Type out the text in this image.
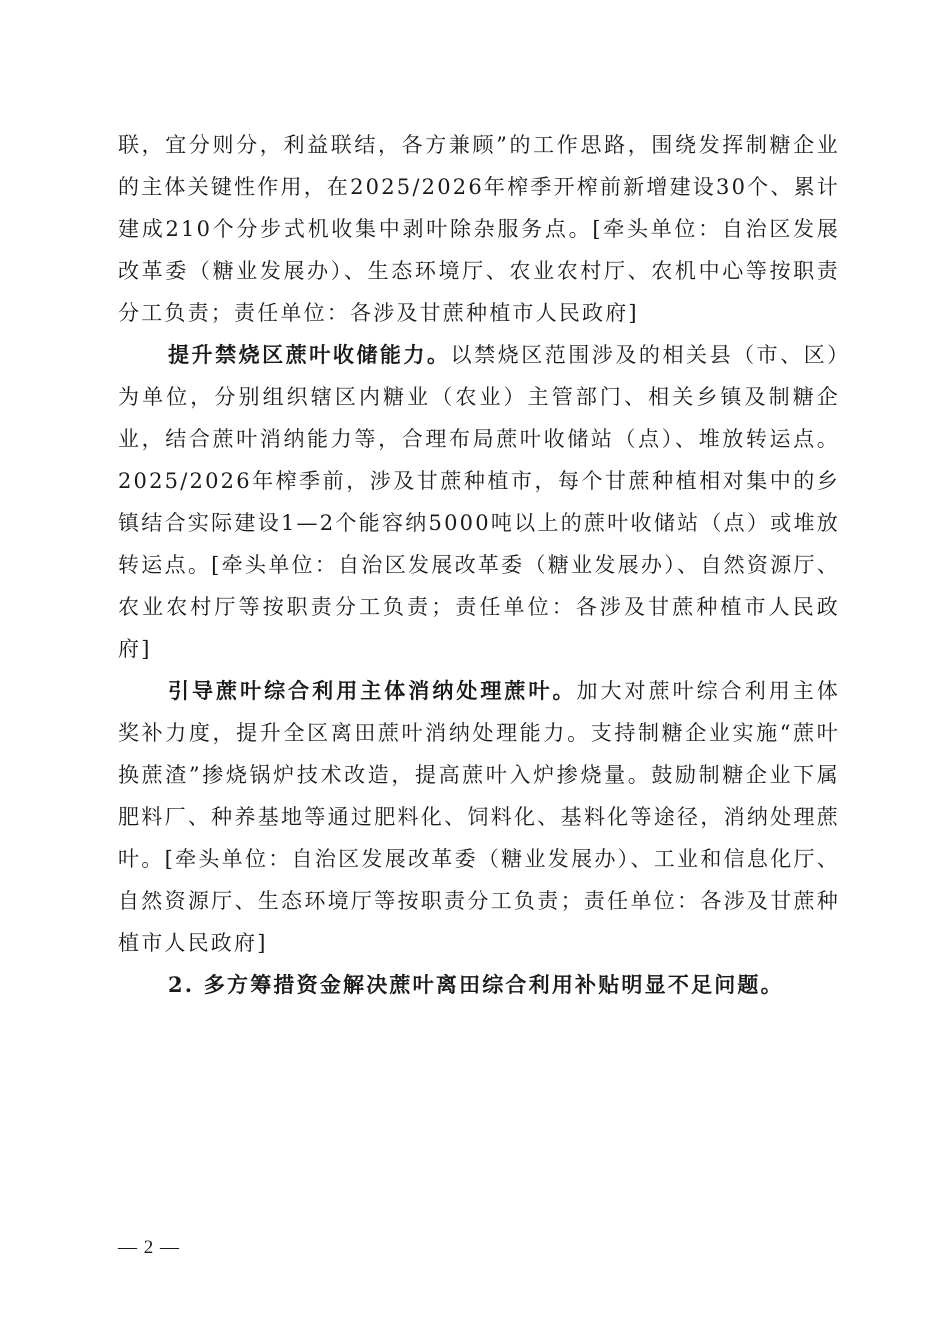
联，宜分则分，利益联结，各方兼顾”的工作思路，围绕发挥制糖企业的主体关键性作用，在2025/2026年榨季开榨前新增建设30个、累计建成210个分步式机收集中剥叶除杂服务点。[牵头单位：自治区发展改革委（糖业发展办）、生态环境厅、农业农村厅、农机中心等按职责分工负责；责任单位：各涉及甘蔗种植市人民政府]

提升禁烧区蔗叶收储能力。以禁烧区范围涉及的相关县（市、区）为单位，分别组织辖区内糖业（农业）主管部门、相关乡镇及制糖企业，结合蔗叶消纳能力等，合理布局蔗叶收储站（点）、堆放转运点。2025/2026年榨季前，涉及甘蔗种植市，每个甘蔗种植相对集中的乡镇结合实际建设1—2个能容纳5000吨以上的蔗叶收储站（点）或堆放转运点。[牵头单位：自治区发展改革委（糖业发展办）、自然资源厅、农业农村厅等按职责分工负责；责任单位：各涉及甘蔗种植市人民政府]

引导蔗叶综合利用主体消纳处理蔗叶。加大对蔗叶综合利用主体奖补力度，提升全区离田蔗叶消纳处理能力。支持制糖企业实施“蔗叶换蔗渣”掺烧锅炉技术改造，提高蔗叶入炉掺烧量。鼓励制糖企业下属肥料厂、种养基地等通过肥料化、饲料化、基料化等途径，消纳处理蔗叶。[牵头单位：自治区发展改革委（糖业发展办）、工业和信息化厅、自然资源厅、生态环境厅等按职责分工负责；责任单位：各涉及甘蔗种植市人民政府]

2. 多方筹措资金解决蔗叶离田综合利用补贴明显不足问题。

— 2 —
